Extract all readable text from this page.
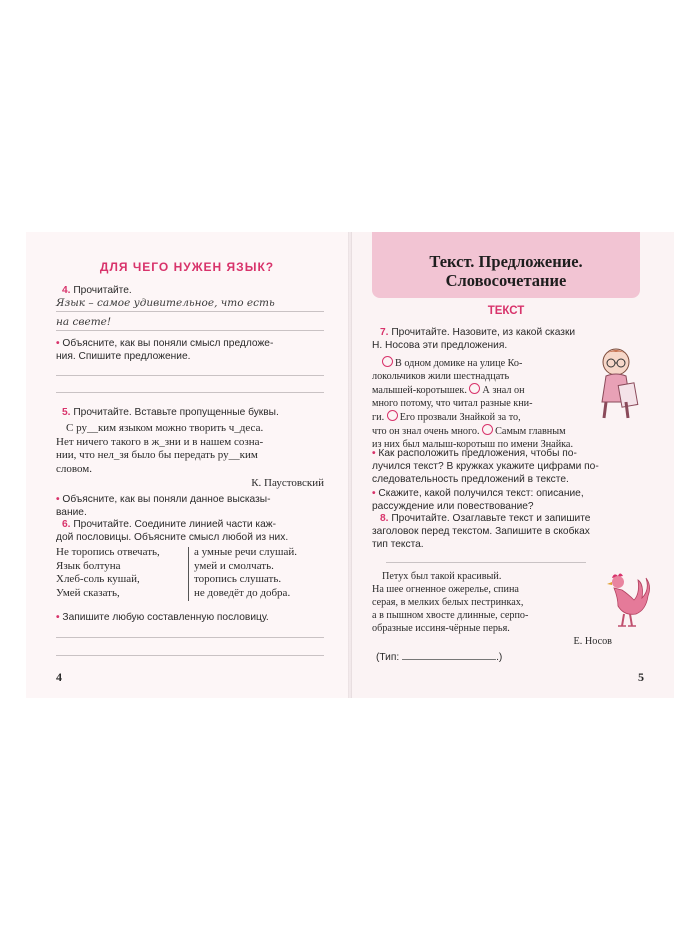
ДЛЯ ЧЕГО НУЖЕН ЯЗЫК?
4. Прочитайте.
Язык – самое удивительное, что есть
на свете!
• Объясните, как вы поняли смысл предложе-
ния. Спишите предложение.
5. Прочитайте. Вставьте пропущенные буквы.
С ру__ким языком можно творить ч_деса.
Нет ничего такого в ж_зни и в нашем созна-
нии, что нел_зя было бы передать ру__ким
словом.
К. Паустовский
• Объясните, как вы поняли данное высказы-
вание.
6. Прочитайте. Соедините линией части каж-
дой пословицы. Объясните смысл любой из них.
Не торопись отвечать,
Язык болтуна
Хлеб-соль кушай,
Умей сказать,
а умные речи слушай.
умей и смолчать.
торопись слушать.
не доведёт до добра.
• Запишите любую составленную пословицу.
4
Текст. Предложение.
Словосочетание
ТЕКСТ
7. Прочитайте. Назовите, из какой сказки
Н. Носова эти предложения.
В одном домике на улице Ко-
локольчиков жили шестнадцать
малышей-коротышек. А знал он
много потому, что читал разные кни-
ги. Его прозвали Знайкой за то,
что он знал очень много. Самым главным
из них был малыш-коротыш по имени Знайка.
• Как расположить предложения, чтобы по-
лучился текст? В кружках укажите цифрами по-
следовательность предложений в тексте.
• Скажите, какой получился текст: описание,
рассуждение или повествование?
8. Прочитайте. Озаглавьте текст и запишите
заголовок перед текстом. Запишите в скобках
тип текста.
Петух был такой красивый.
На шее огненное ожерелье, спина
серая, в мелких белых пестринках,
а в пышном хвосте длинные, серпо-
образные иссиня-чёрные перья.
Е. Носов
(Тип:	.)
5
